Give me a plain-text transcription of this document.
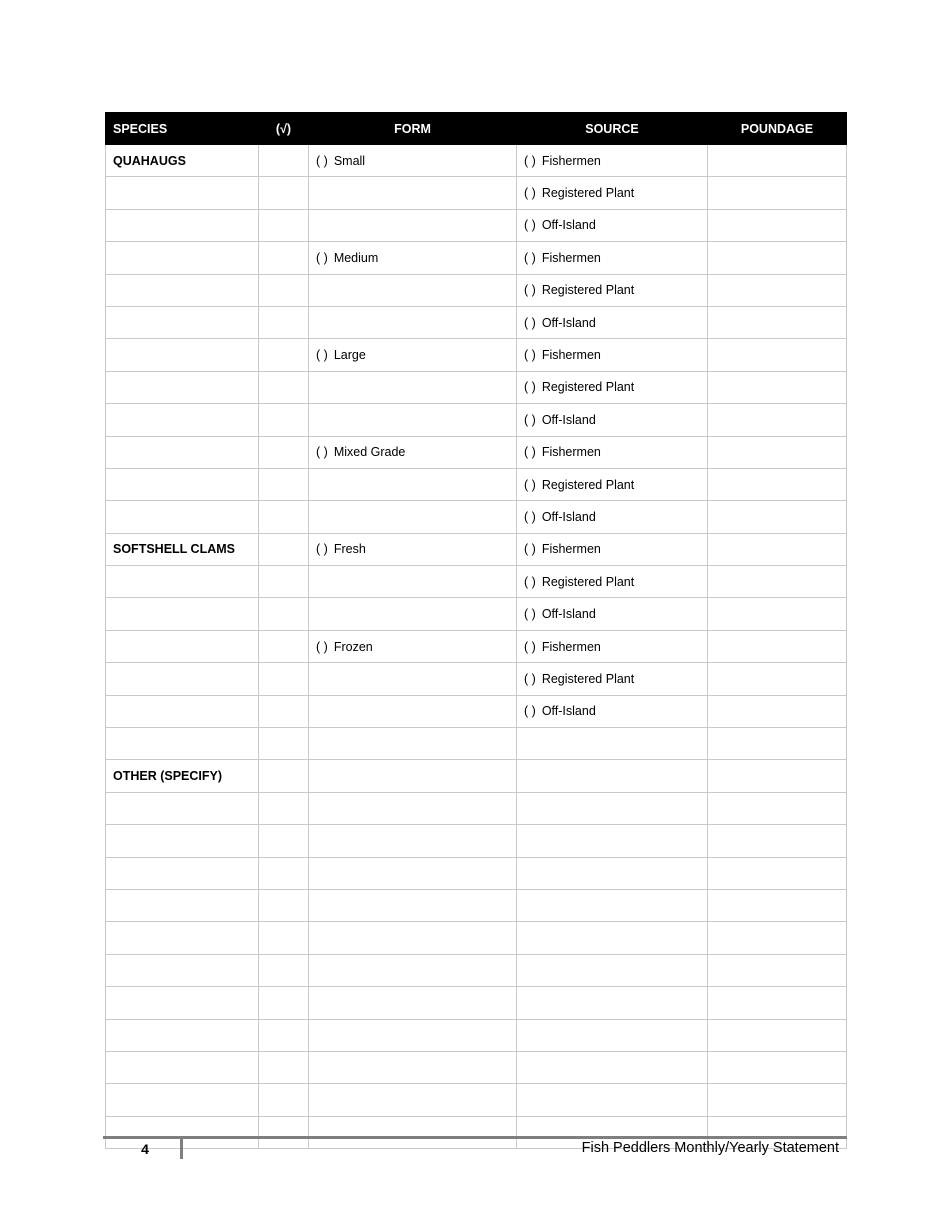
SPECIES	(√)	FORM	SOURCE	POUNDAGE
QUAHAUGS		( ) Small	( ) Fishermen	
			( ) Registered Plant	
			( ) Off-Island	
		( ) Medium	( ) Fishermen	
			( ) Registered Plant	
			( ) Off-Island	
		( ) Large	( ) Fishermen	
			( ) Registered Plant	
			( ) Off-Island	
		( ) Mixed Grade	( ) Fishermen	
			( ) Registered Plant	
			( ) Off-Island	
SOFTSHELL CLAMS		( ) Fresh	( ) Fishermen	
			( ) Registered Plant	
			( ) Off-Island	
		( ) Frozen	( ) Fishermen	
			( ) Registered Plant	
			( ) Off-Island	

OTHER (SPECIFY)				

4	Fish Peddlers Monthly/Yearly Statement
